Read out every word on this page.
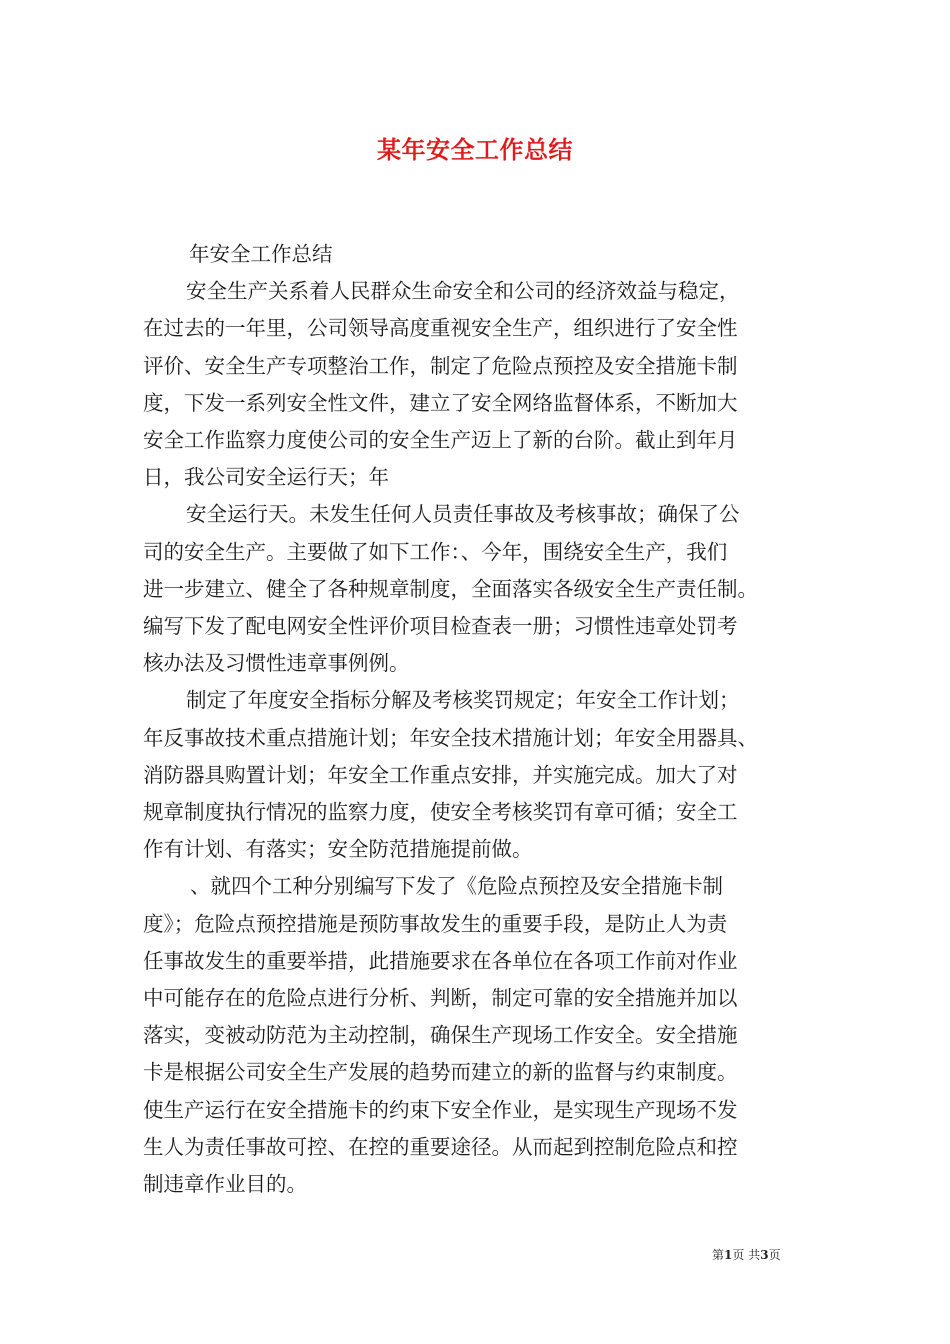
某年安全工作总结
年安全工作总结
安全生产关系着人民群众生命安全和公司的经济效益与稳定，
在过去的一年里，公司领导高度重视安全生产，组织进行了安全性
评价、安全生产专项整治工作，制定了危险点预控及安全措施卡制
度，下发一系列安全性文件，建立了安全网络监督体系，不断加大
安全工作监察力度使公司的安全生产迈上了新的台阶。截止到年月
日，我公司安全运行天；年
安全运行天。未发生任何人员责任事故及考核事故；确保了公
司的安全生产。主要做了如下工作：、今年，围绕安全生产，我们
进一步建立、健全了各种规章制度，全面落实各级安全生产责任制。
编写下发了配电网安全性评价项目检查表一册；习惯性违章处罚考
核办法及习惯性违章事例例。
制定了年度安全指标分解及考核奖罚规定；年安全工作计划；
年反事故技术重点措施计划；年安全技术措施计划；年安全用器具、
消防器具购置计划；年安全工作重点安排，并实施完成。加大了对
规章制度执行情况的监察力度，使安全考核奖罚有章可循；安全工
作有计划、有落实；安全防范措施提前做。
、就四个工种分别编写下发了《危险点预控及安全措施卡制
度》；危险点预控措施是预防事故发生的重要手段，是防止人为责
任事故发生的重要举措，此措施要求在各单位在各项工作前对作业
中可能存在的危险点进行分析、判断，制定可靠的安全措施并加以
落实，变被动防范为主动控制，确保生产现场工作安全。安全措施
卡是根据公司安全生产发展的趋势而建立的新的监督与约束制度。
使生产运行在安全措施卡的约束下安全作业，是实现生产现场不发
生人为责任事故可控、在控的重要途径。从而起到控制危险点和控
制违章作业目的。
第1页 共3页
